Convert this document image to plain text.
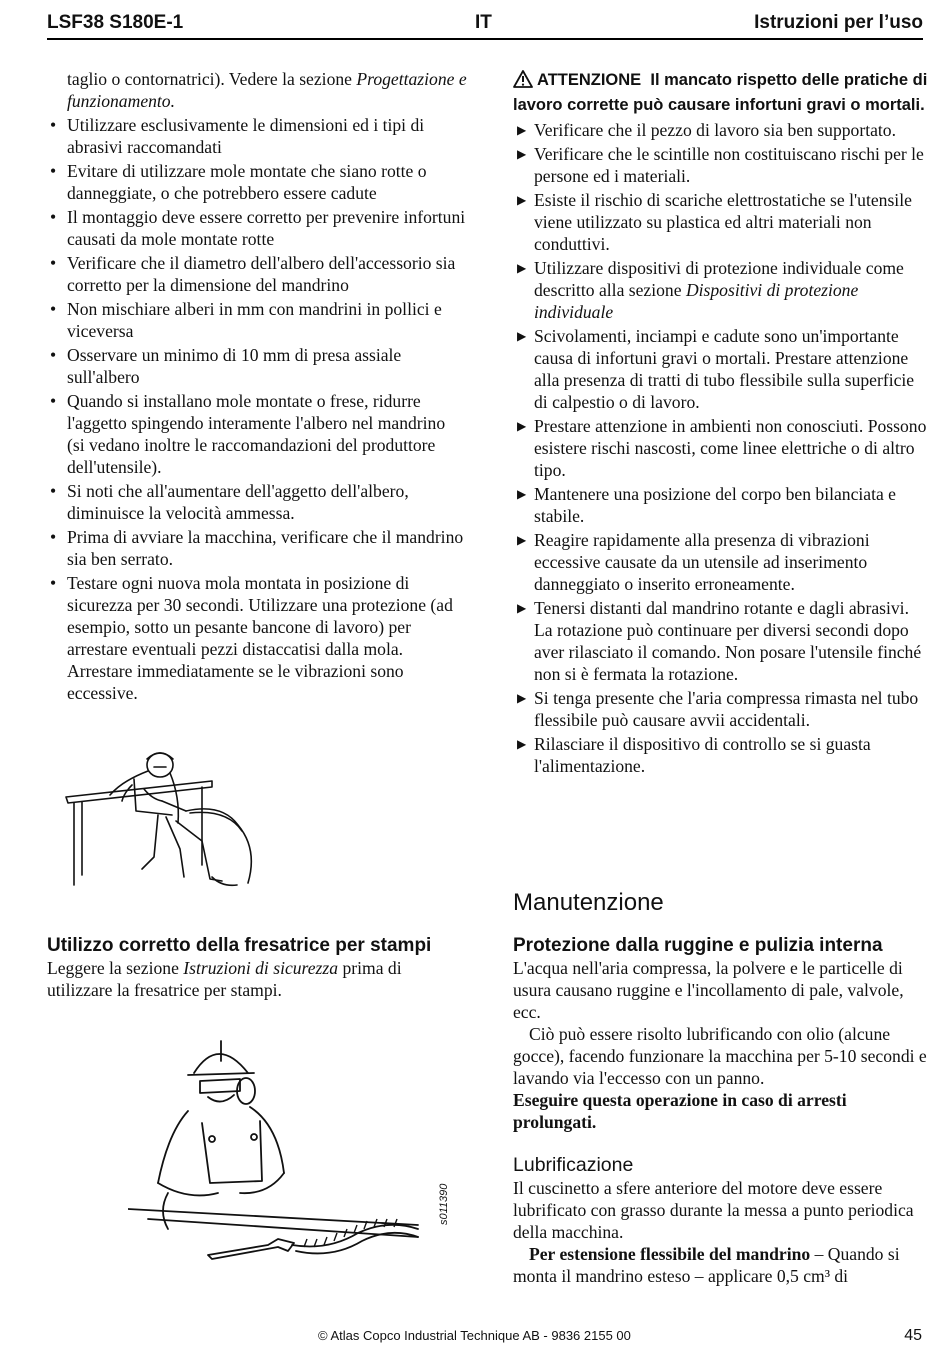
LSF38 S180E-1	IT	Istruzioni per l’uso

taglio o contornatrici). Vedere la sezione Progettazione e funzionamento.

• Utilizzare esclusivamente le dimensioni ed i tipi di abrasivi raccomandati
• Evitare di utilizzare mole montate che siano rotte o danneggiate, o che potrebbero essere cadute
• Il montaggio deve essere corretto per prevenire infortuni causati da mole montate rotte
• Verificare che il diametro dell'albero dell'accessorio sia corretto per la dimensione del mandrino
• Non mischiare alberi in mm con mandrini in pollici e viceversa
• Osservare un minimo di 10 mm di presa assiale sull'albero
• Quando si installano mole montate o frese, ridurre l'aggetto spingendo interamente l'albero nel mandrino (si vedano inoltre le raccomandazioni del produttore dell'utensile).
• Si noti che all'aumentare dell'aggetto dell'albero, diminuisce la velocità ammessa.
• Prima di avviare la macchina, verificare che il mandrino sia ben serrato.
• Testare ogni nuova mola montata in posizione di sicurezza per 30 secondi. Utilizzare una protezione (ad esempio, sotto un pesante bancone di lavoro) per arrestare eventuali pezzi distaccatisi dalla mola. Arrestare immediatamente se le vibrazioni sono eccessive.
Utilizzo corretto della fresatrice per stampi

Leggere la sezione Istruzioni di sicurezza prima di utilizzare la fresatrice per stampi.

s011390
ATTENZIONE Il mancato rispetto delle pratiche di lavoro corrette può causare infortuni gravi o mortali.
▶ Verificare che il pezzo di lavoro sia ben supportato.
▶ Verificare che le scintille non costituiscano rischi per le persone ed i materiali.
▶ Esiste il rischio di scariche elettrostatiche se l'utensile viene utilizzato su plastica ed altri materiali non conduttivi.
▶ Utilizzare dispositivi di protezione individuale come descritto alla sezione Dispositivi di protezione individuale
▶ Scivolamenti, inciampi e cadute sono un'importante causa di infortuni gravi o mortali. Prestare attenzione alla presenza di tratti di tubo flessibile sulla superficie di calpestio o di lavoro.
▶ Prestare attenzione in ambienti non conosciuti. Possono esistere rischi nascosti, come linee elettriche o di altro tipo.
▶ Mantenere una posizione del corpo ben bilanciata e stabile.
▶ Reagire rapidamente alla presenza di vibrazioni eccessive causate da un utensile ad inserimento danneggiato o inserito erroneamente.
▶ Tenersi distanti dal mandrino rotante e dagli abrasivi. La rotazione può continuare per diversi secondi dopo aver rilasciato il comando. Non posare l'utensile finché non si è fermata la rotazione.
▶ Si tenga presente che l'aria compressa rimasta nel tubo flessibile può causare avvii accidentali.
▶ Rilasciare il dispositivo di controllo se si guasta l'alimentazione.
Manutenzione
Protezione dalla ruggine e pulizia interna

L'acqua nell'aria compressa, la polvere e le particelle di usura causano ruggine e l'incollamento di pale, valvole, ecc.

Ciò può essere risolto lubrificando con olio (alcune gocce), facendo funzionare la macchina per 5-10 secondi e lavando via l'eccesso con un panno.

Eseguire questa operazione in caso di arresti prolungati.

Lubrificazione

Il cuscinetto a sfere anteriore del motore deve essere lubrificato con grasso durante la messa a punto periodica della macchina.

Per estensione flessibile del mandrino – Quando si monta il mandrino esteso – applicare 0,5 cm³ di

© Atlas Copco Industrial Technique AB - 9836 2155 00	45
